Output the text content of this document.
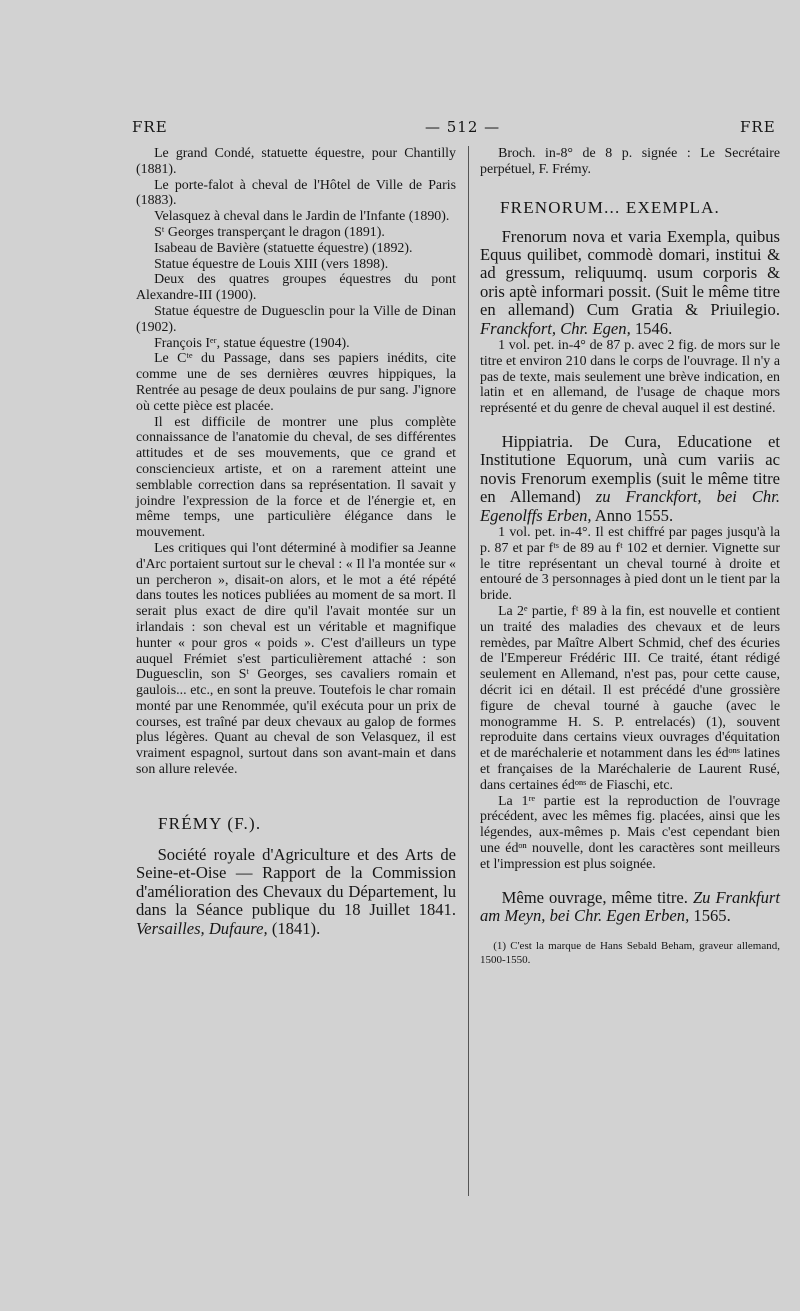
FRE	— 512 —	FRE

Le grand Condé, statuette équestre, pour Chantilly (1881).

Le porte-falot à cheval de l'Hôtel de Ville de Paris (1883).

Velasquez à cheval dans le Jardin de l'Infante (1890).

Sᵗ Georges transperçant le dragon (1891).

Isabeau de Bavière (statuette équestre) (1892).

Statue équestre de Louis XIII (vers 1898).

Deux des quatres groupes équestres du pont Alexandre-III (1900).

Statue équestre de Duguesclin pour la Ville de Dinan (1902).

François Iᵉʳ, statue équestre (1904).

Le Cᵗᵉ du Passage, dans ses papiers inédits, cite comme une de ses dernières œuvres hippiques, la Rentrée au pesage de deux poulains de pur sang. J'ignore où cette pièce est placée.

Il est difficile de montrer une plus complète connaissance de l'anatomie du cheval, de ses différentes attitudes et de ses mouvements, que ce grand et consciencieux artiste, et on a rarement atteint une semblable correction dans sa représentation. Il savait y joindre l'expression de la force et de l'énergie et, en même temps, une particulière élégance dans le mouvement.

Les critiques qui l'ont déterminé à modifier sa Jeanne d'Arc portaient surtout sur le cheval : « Il l'a montée sur « un percheron », disait-on alors, et le mot a été répété dans toutes les notices publiées au moment de sa mort. Il serait plus exact de dire qu'il l'avait montée sur un irlandais : son cheval est un véritable et magnifique hunter « pour gros « poids ». C'est d'ailleurs un type auquel Frémiet s'est particulièrement attaché : son Duguesclin, son Sᵗ Georges, ses cavaliers romain et gaulois... etc., en sont la preuve. Toutefois le char romain monté par une Renommée, qu'il exécuta pour un prix de courses, est traîné par deux chevaux au galop de formes plus légères. Quant au cheval de son Velasquez, il est vraiment espagnol, surtout dans son avant-main et dans son allure relevée.

FRÉMY (F.).

Société royale d'Agriculture et des Arts de Seine-et-Oise — Rapport de la Commission d'amélioration des Chevaux du Département, lu dans la Séance publique du 18 Juillet 1841. Versailles, Dufaure, (1841).

Broch. in-8° de 8 p. signée : Le Secrétaire perpétuel, F. Frémy.

FRENORUM... EXEMPLA.

Frenorum nova et varia Exempla, quibus Equus quilibet, commodè domari, institui & ad gressum, reliquumq. usum corporis & oris aptè informari possit. (Suit le même titre en allemand) Cum Gratia & Priuilegio. Franckfort, Chr. Egen, 1546.

1 vol. pet. in-4° de 87 p. avec 2 fig. de mors sur le titre et environ 210 dans le corps de l'ouvrage. Il n'y a pas de texte, mais seulement une brève indication, en latin et en allemand, de l'usage de chaque mors représenté et du genre de cheval auquel il est destiné.

Hippiatria. De Cura, Educatione et Institutione Equorum, unà cum variis ac novis Frenorum exemplis (suit le même titre en Allemand) zu Franckfort, bei Chr. Egenolffs Erben, Anno 1555.

1 vol. pet. in-4°. Il est chiffré par pages jusqu'à la p. 87 et par fᵗˢ de 89 au fᵗ 102 et dernier. Vignette sur le titre représentant un cheval tourné à droite et entouré de 3 personnages à pied dont un le tient par la bride.

La 2ᵉ partie, fᵗ 89 à la fin, est nouvelle et contient un traité des maladies des chevaux et de leurs remèdes, par Maître Albert Schmid, chef des écuries de l'Empereur Frédéric III. Ce traité, étant rédigé seulement en Allemand, n'est pas, pour cette cause, décrit ici en détail. Il est précédé d'une grossière figure de cheval tourné à gauche (avec le monogramme H. S. P. entrelacés) (1), souvent reproduite dans certains vieux ouvrages d'équitation et de maréchalerie et notamment dans les édᵒⁿˢ latines et françaises de la Maréchalerie de Laurent Rusé, dans certaines édᵒⁿˢ de Fiaschi, etc.

La 1ʳᵉ partie est la reproduction de l'ouvrage précédent, avec les mêmes fig. placées, ainsi que les légendes, aux-mêmes p. Mais c'est cependant bien une édᵒⁿ nouvelle, dont les caractères sont meilleurs et l'impression est plus soignée.

Même ouvrage, même titre. Zu Frankfurt am Meyn, bei Chr. Egen Erben, 1565.

(1) C'est la marque de Hans Sebald Beham, graveur allemand, 1500-1550.
